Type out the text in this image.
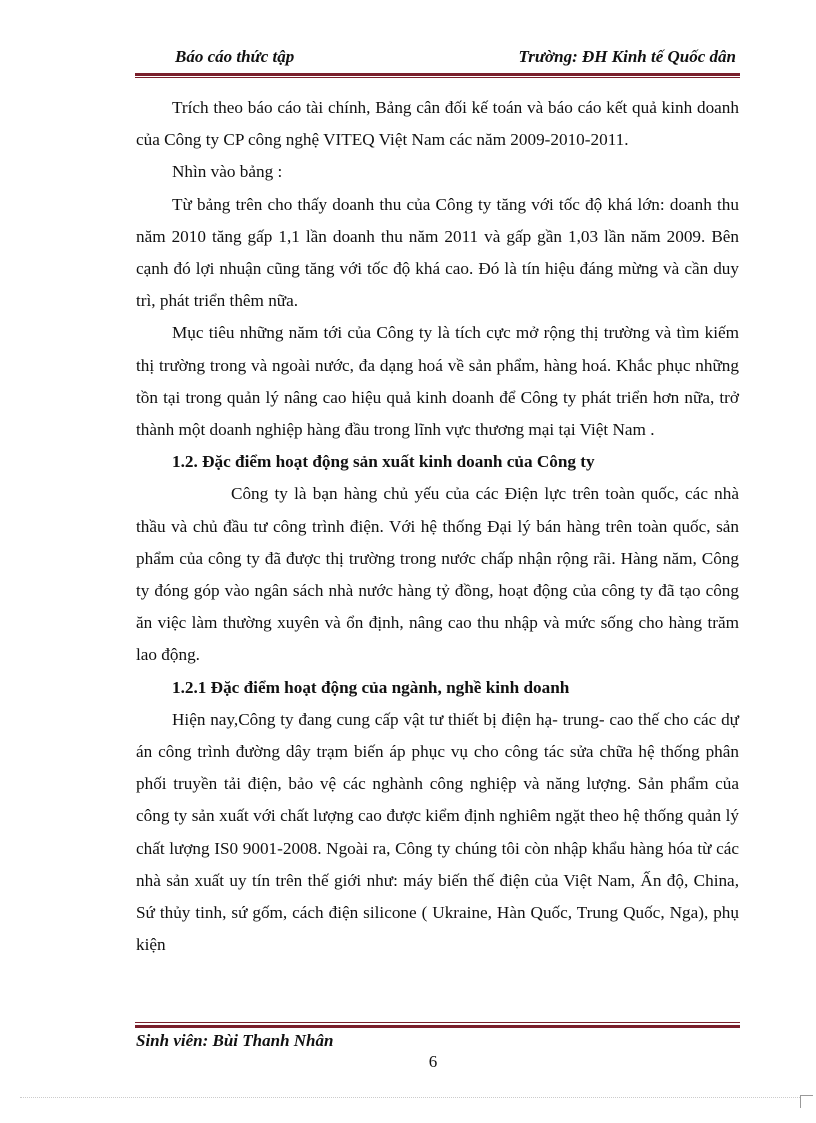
Báo cáo thức tập	Trường: ĐH Kinh tế Quốc dân

Trích theo báo cáo tài chính, Bảng cân đối kế toán và báo cáo kết quả kinh doanh của Công ty CP công nghệ VITEQ Việt Nam các năm 2009-2010-2011.

Nhìn vào bảng :

Từ bảng trên cho thấy doanh thu của Công ty tăng với tốc độ khá lớn: doanh thu năm 2010 tăng gấp 1,1 lần doanh thu năm 2011 và gấp gần 1,03 lần năm 2009. Bên cạnh đó lợi nhuận cũng tăng với tốc độ khá cao. Đó là tín hiệu đáng mừng và cần duy trì, phát triển thêm nữa.

Mục tiêu những năm tới của Công ty là tích cực mở rộng thị trường và tìm kiếm thị trường trong và ngoài nước, đa dạng hoá về sản phẩm, hàng hoá. Khắc phục những tồn tại trong quản lý nâng cao hiệu quả kinh doanh để Công ty phát triển hơn nữa, trở thành một doanh nghiệp hàng đầu trong lĩnh vực thương mại tại Việt Nam .

1.2. Đặc điểm hoạt động sản xuất kinh doanh của Công ty

Công ty là bạn hàng chủ yếu của các Điện lực trên toàn quốc, các nhà thầu và chủ đầu tư công trình điện. Với hệ thống Đại lý bán hàng trên toàn quốc, sản phẩm của công ty đã được thị trường trong nước chấp nhận rộng rãi. Hàng năm, Công ty đóng góp vào ngân sách nhà nước hàng tỷ đồng, hoạt động của công ty đã tạo công ăn việc làm thường xuyên và ổn định, nâng cao thu nhập và mức sống cho hàng trăm lao động.

1.2.1 Đặc điểm hoạt động của ngành, nghề kinh doanh

Hiện nay,Công ty đang cung cấp vật tư thiết bị điện hạ- trung- cao thế cho các dự án công trình đường dây trạm biến áp phục vụ cho công tác sửa chữa hệ thống phân phối truyền tải điện, bảo vệ các nghành công nghiệp và năng lượng. Sản phẩm của công ty sản xuất với chất lượng cao được kiểm định nghiêm ngặt theo hệ thống quản lý chất lượng IS0 9001-2008. Ngoài ra, Công ty chúng tôi còn nhập khẩu hàng hóa từ các nhà sản xuất uy tín trên thế giới như: máy biến thế điện của Việt Nam, Ấn độ, China, Sứ thủy tinh, sứ gốm, cách điện silicone ( Ukraine, Hàn Quốc, Trung Quốc, Nga), phụ kiện

Sinh viên: Bùi Thanh Nhân
6
